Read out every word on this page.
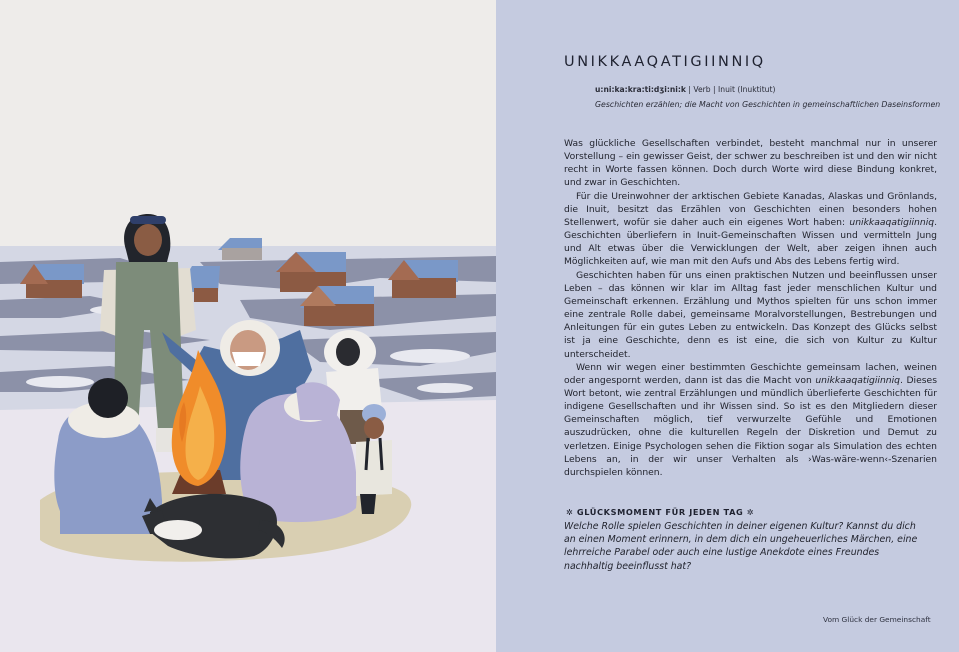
UNIKKAAQATIGIINNIQ
u:ni:ka:kra:ti:dʒi:ni:k | Verb | Inuit (Inuktitut)
Geschichten erzählen; die Macht von Geschichten in gemeinschaftlichen Daseinsformen

Was glückliche Gesellschaften verbindet, besteht manchmal nur in unserer Vorstellung – ein gewisser Geist, der schwer zu beschreiben ist und den wir nicht recht in Worte fassen können. Doch durch Worte wird diese Bindung konkret, und zwar in Geschichten.

Für die Ureinwohner der arktischen Gebiete Kanadas, Alaskas und Grönlands, die Inuit, besitzt das Erzählen von Geschichten einen besonders hohen Stellenwert, wofür sie daher auch ein eigenes Wort haben: unikkaaqatigiinniq. Geschichten überliefern in Inuit-Gemeinschaften Wissen und vermitteln Jung und Alt etwas über die Verwicklungen der Welt, aber zeigen ihnen auch Möglichkeiten auf, wie man mit den Aufs und Abs des Lebens fertig wird.

Geschichten haben für uns einen praktischen Nutzen und beeinflussen unser Leben – das können wir klar im Alltag fast jeder menschlichen Kultur und Gemeinschaft erkennen. Erzählung und Mythos spielten für uns schon immer eine zentrale Rolle dabei, gemeinsame Moralvorstellungen, Bestrebungen und Anleitungen für ein gutes Leben zu entwickeln. Das Konzept des Glücks selbst ist ja eine Geschichte, denn es ist eine, die sich von Kultur zu Kultur unterscheidet.

Wenn wir wegen einer bestimmten Geschichte gemeinsam lachen, weinen oder angespornt werden, dann ist das die Macht von unikkaaqatigiinniq. Dieses Wort betont, wie zentral Erzählungen und mündlich überlieferte Geschichten für indigene Gesellschaften und ihr Wissen sind. So ist es den Mitgliedern dieser Gemeinschaften möglich, tief verwurzelte Gefühle und Emotionen auszudrücken, ohne die kulturellen Regeln der Diskretion und Demut zu verletzen. Einige Psychologen sehen die Fiktion sogar als Simulation des echten Lebens an, in der wir unser Verhalten als ›Was-wäre-wenn‹-Szenarien durchspielen können.

✲ GLÜCKSMOMENT FÜR JEDEN TAG ✲
Welche Rolle spielen Geschichten in deiner eigenen Kultur? Kannst du dich an einen Moment erinnern, in dem dich ein ungeheuerliches Märchen, eine lehrreiche Parabel oder auch eine lustige Anekdote eines Freundes nachhaltig beeinflusst hat?
Vom Glück der Gemeinschaft
